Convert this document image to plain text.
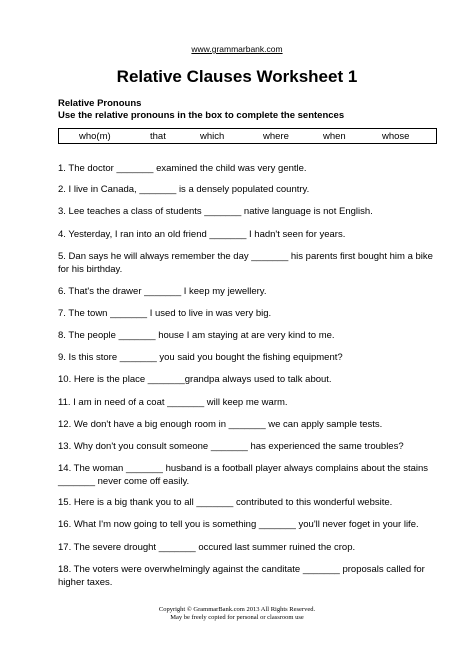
www.grammarbank.com
Relative Clauses Worksheet 1
Relative Pronouns
Use the relative pronouns in the box to complete the sentences
who(m)	that	which	where	when	whose
1. The doctor _______ examined the child was very gentle.
2. I live in Canada, _______ is a densely populated country.
3. Lee teaches a class of students _______ native language is not English.
4. Yesterday, I ran into an old friend _______ I hadn't seen for years.
5. Dan says he will always remember the day _______ his parents first bought him a bike for his birthday.
6. That's the drawer _______ I keep my jewellery.
7. The town _______ I used to live in was very big.
8. The people _______ house I am staying at are very kind to me.
9. Is this store _______ you said you bought the fishing equipment?
10. Here is the place _______grandpa always used to talk about.
11. I am in need of a coat _______ will keep me warm.
12. We don't have a big enough room in _______ we can apply sample tests.
13. Why don't you consult someone _______ has experienced the same troubles?
14. The woman _______ husband is a football player always complains about the stains _______ never come off easily.
15. Here is a big thank you to all _______ contributed to this wonderful website.
16. What I'm now going to tell you is something _______ you'll never foget in your life.
17. The severe drought _______ occured last summer ruined the crop.
18. The voters were overwhelmingly against the canditate _______ proposals called for higher taxes.
Copyright © GrammarBank.com 2013 All Rights Reserved.
May be freely copied for personal or classroom use
